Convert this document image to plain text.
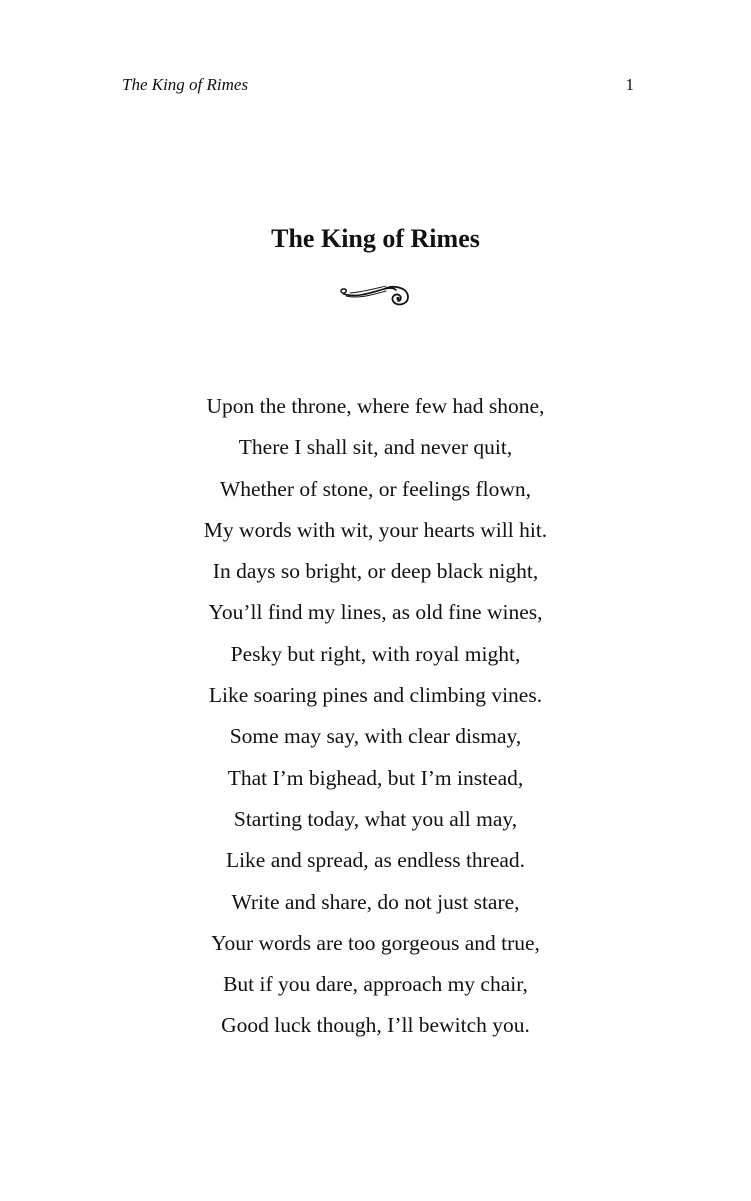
The King of Rimes	1
The King of Rimes
Upon the throne, where few had shone,
There I shall sit, and never quit,
Whether of stone, or feelings flown,
My words with wit, your hearts will hit.
In days so bright, or deep black night,
You’ll find my lines, as old fine wines,
Pesky but right, with royal might,
Like soaring pines and climbing vines.
Some may say, with clear dismay,
That I’m bighead, but I’m instead,
Starting today, what you all may,
Like and spread, as endless thread.
Write and share, do not just stare,
Your words are too gorgeous and true,
But if you dare, approach my chair,
Good luck though, I’ll bewitch you.
